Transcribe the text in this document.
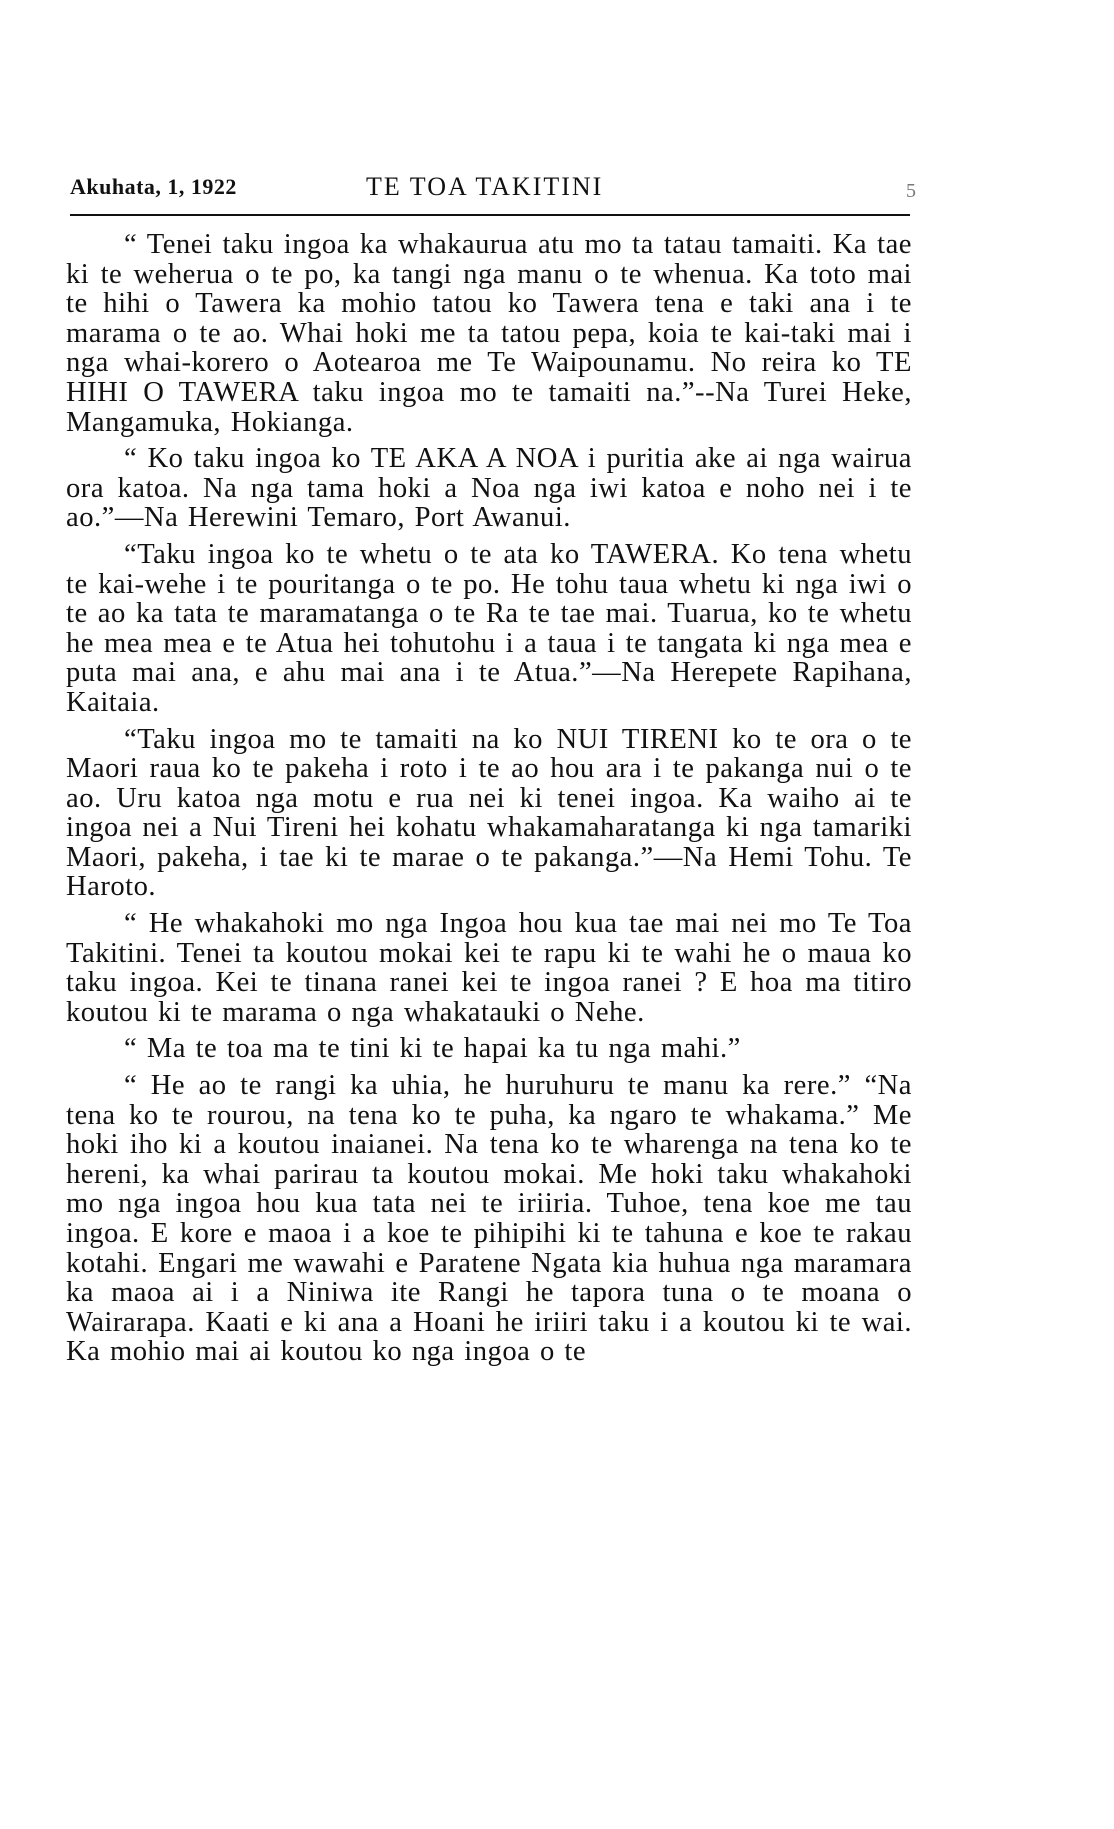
Akuhata, 1, 1922	TE TOA TAKITINI	5

“ Tenei taku ingoa ka whakaurua atu mo ta tatau tamaiti. Ka tae ki te weherua o te po, ka tangi nga manu o te whenua. Ka toto mai te hihi o Tawera ka mohio tatou ko Tawera tena e taki ana i te marama o te ao. Whai hoki me ta tatou pepa, koia te kai-taki mai i nga whai-korero o Aotearoa me Te Waipounamu. No reira ko TE HIHI O TAWERA taku ingoa mo te tamaiti na.”--Na Turei Heke, Mangamuka, Hokianga.

“ Ko taku ingoa ko TE AKA A NOA i puritia ake ai nga wairua ora katoa. Na nga tama hoki a Noa nga iwi katoa e noho nei i te ao.”—Na Herewini Temaro, Port Awanui.

“Taku ingoa ko te whetu o te ata ko TAWERA. Ko tena whetu te kai-wehe i te pouritanga o te po. He tohu taua whetu ki nga iwi o te ao ka tata te maramatanga o te Ra te tae mai. Tuarua, ko te whetu he mea mea e te Atua hei tohutohu i a taua i te tangata ki nga mea e puta mai ana, e ahu mai ana i te Atua.”—Na Herepete Rapihana, Kaitaia.

“Taku ingoa mo te tamaiti na ko NUI TIRENI ko te ora o te Maori raua ko te pakeha i roto i te ao hou ara i te pakanga nui o te ao. Uru katoa nga motu e rua nei ki tenei ingoa. Ka waiho ai te ingoa nei a Nui Tireni hei kohatu whakamaharatanga ki nga tamariki Maori, pakeha, i tae ki te marae o te pakanga.”—Na Hemi Tohu. Te Haroto.

“ He whakahoki mo nga Ingoa hou kua tae mai nei mo Te Toa Takitini. Tenei ta koutou mokai kei te rapu ki te wahi he o maua ko taku ingoa. Kei te tinana ranei kei te ingoa ranei ? E hoa ma titiro koutou ki te marama o nga whakatauki o Nehe.

“ Ma te toa ma te tini ki te hapai ka tu nga mahi.”

“ He ao te rangi ka uhia, he huruhuru te manu ka rere.” “Na tena ko te rourou, na tena ko te puha, ka ngaro te whakama.” Me hoki iho ki a koutou inaianei. Na tena ko te wharenga na tena ko te hereni, ka whai parirau ta koutou mokai. Me hoki taku whakahoki mo nga ingoa hou kua tata nei te iriiria. Tuhoe, tena koe me tau ingoa. E kore e maoa i a koe te pihipihi ki te tahuna e koe te rakau kotahi. Engari me wawahi e Paratene Ngata kia huhua nga maramara ka maoa ai i a Niniwa ite Rangi he tapora tuna o te moana o Wairarapa. Kaati e ki ana a Hoani he iriiri taku i a koutou ki te wai. Ka mohio mai ai koutou ko nga ingoa o te
